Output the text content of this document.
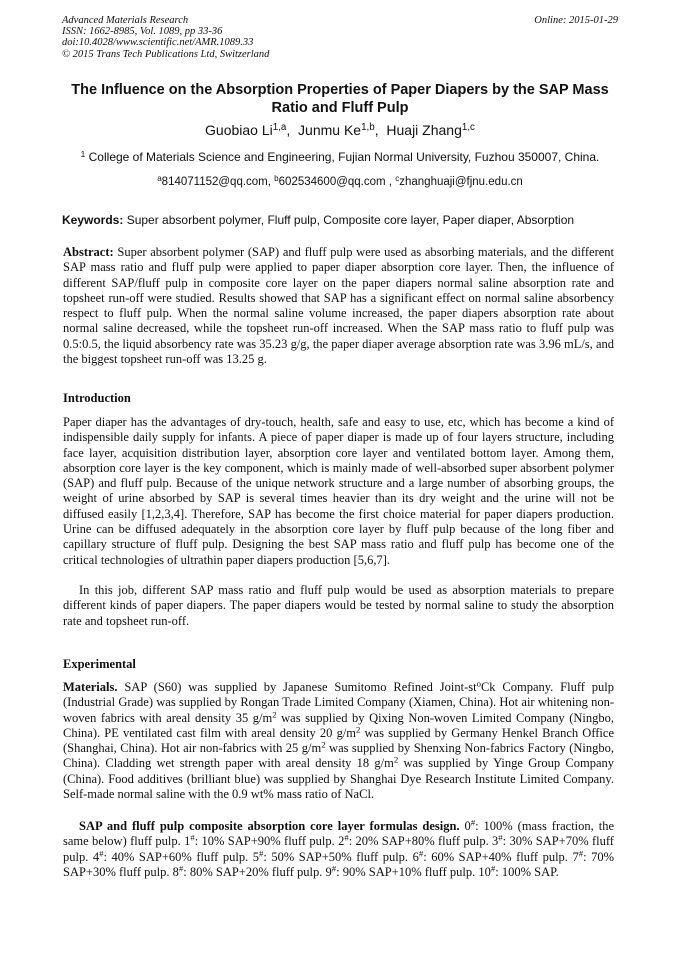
Advanced Materials Research
ISSN: 1662-8985, Vol. 1089, pp 33-36
doi:10.4028/www.scientific.net/AMR.1089.33
© 2015 Trans Tech Publications Ltd, Switzerland
Online: 2015-01-29
The Influence on the Absorption Properties of Paper Diapers by the SAP Mass Ratio and Fluff Pulp
Guobiao Li$^{1,a}$,  Junmu Ke$^{1,b}$,  Huaji Zhang$^{1,c}$
$^1$ College of Materials Science and Engineering, Fujian Normal University, Fuzhou 350007, China.
$^a$814071152@qq.com, $^b$602534600@qq.com , $^c$zhanghuaji@fjnu.edu.cn
Keywords: Super absorbent polymer, Fluff pulp, Composite core layer, Paper diaper, Absorption
Abstract: Super absorbent polymer (SAP) and fluff pulp were used as absorbing materials, and the different SAP mass ratio and fluff pulp were applied to paper diaper absorption core layer. Then, the influence of different SAP/fluff pulp in composite core layer on the paper diapers normal saline absorption rate and topsheet run-off were studied. Results showed that SAP has a significant effect on normal saline absorbency respect to fluff pulp. When the normal saline volume increased, the paper diapers absorption rate about normal saline decreased, while the topsheet run-off increased. When the SAP mass ratio to fluff pulp was 0.5:0.5, the liquid absorbency rate was 35.23 g/g, the paper diaper average absorption rate was 3.96 mL/s, and the biggest topsheet run-off was 13.25 g.
Introduction
Paper diaper has the advantages of dry-touch, health, safe and easy to use, etc, which has become a kind of indispensible daily supply for infants. A piece of paper diaper is made up of four layers structure, including face layer, acquisition distribution layer, absorption core layer and ventilated bottom layer. Among them, absorption core layer is the key component, which is mainly made of well-absorbed super absorbent polymer (SAP) and fluff pulp. Because of the unique network structure and a large number of absorbing groups, the weight of urine absorbed by SAP is several times heavier than its dry weight and the urine will not be diffused easily [1,2,3,4]. Therefore, SAP has become the first choice material for paper diapers production. Urine can be diffused adequately in the absorption core layer by fluff pulp because of the long fiber and capillary structure of fluff pulp. Designing the best SAP mass ratio and fluff pulp has become one of the critical technologies of ultrathin paper diapers production [5,6,7].
In this job, different SAP mass ratio and fluff pulp would be used as absorption materials to prepare different kinds of paper diapers. The paper diapers would be tested by normal saline to study the absorption rate and topsheet run-off.
Experimental
Materials. SAP (S60) was supplied by Japanese Sumitomo Refined Joint-$st^oCk$ Company. Fluff pulp (Industrial Grade) was supplied by Rongan Trade Limited Company (Xiamen, China). Hot air whitening non-woven fabrics with areal density 35 $g/m^2$ was supplied by Qixing Non-woven Limited Company (Ningbo, China). PE ventilated cast film with areal density 20 $g/m^2$ was supplied by Germany Henkel Branch Office (Shanghai, China). Hot air non-fabrics with 25 $g/m^2$ was supplied by Shenxing Non-fabrics Factory (Ningbo, China). Cladding wet strength paper with areal density 18 $g/m^2$ was supplied by Yinge Group Company (China). Food additives (brilliant blue) was supplied by Shanghai Dye Research Institute Limited Company. Self-made normal saline with the 0.9 wt% mass ratio of NaCl.
SAP and fluff pulp composite absorption core layer formulas design. 0#: 100% (mass fraction, the same below) fluff pulp. 1#: 10% SAP+90% fluff pulp. 2#: 20% SAP+80% fluff pulp. 3#: 30% SAP+70% fluff pulp. 4#: 40% SAP+60% fluff pulp. 5#: 50% SAP+50% fluff pulp. 6#: 60% SAP+40% fluff pulp. 7#: 70% SAP+30% fluff pulp. 8#: 80% SAP+20% fluff pulp. 9#: 90% SAP+10% fluff pulp. 10#: 100% SAP.
